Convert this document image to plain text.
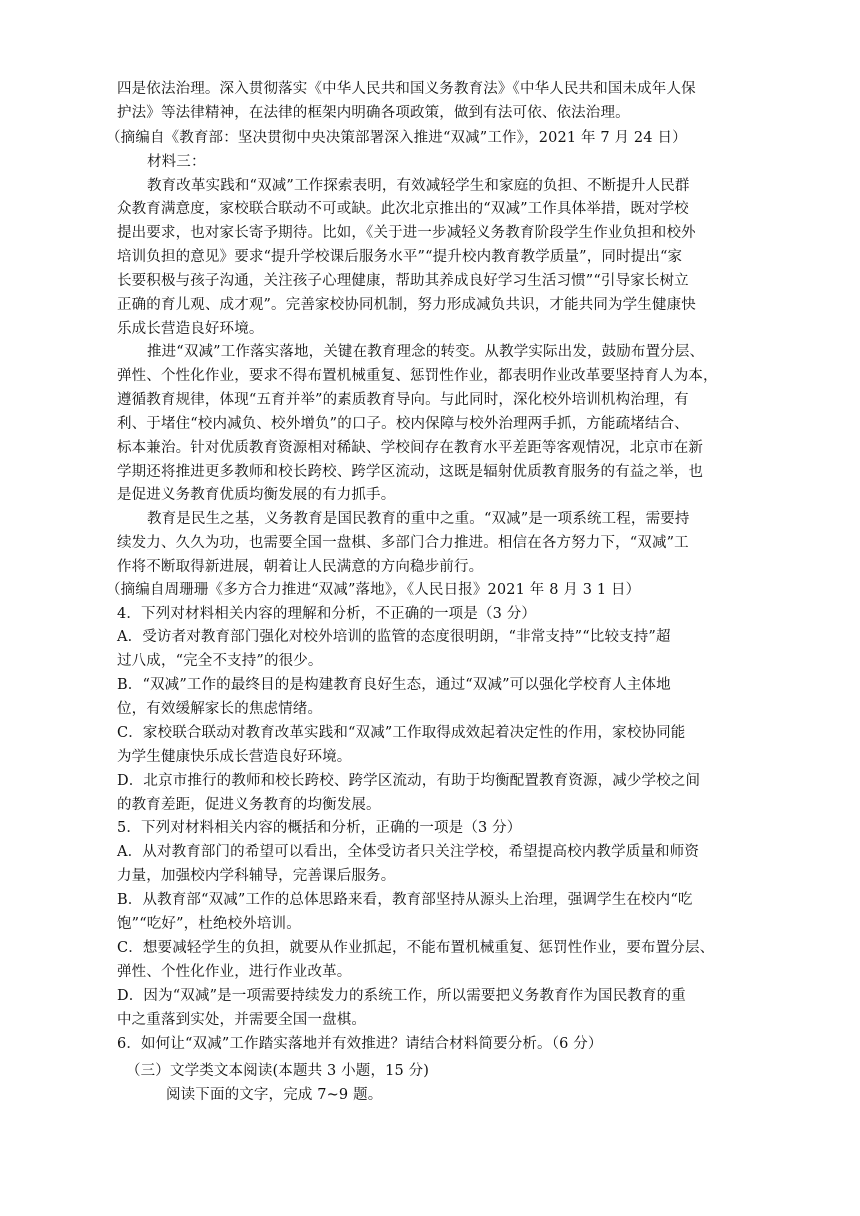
四是依法治理。深入贯彻落实《中华人民共和国义务教育法》《中华人民共和国未成年人保
护法》等法律精神，在法律的框架内明确各项政策，做到有法可依、依法治理。
（摘编自《教育部：坚决贯彻中央决策部署深入推进“双减”工作》，2021 年 7 月 24 日）
材料三：
教育改革实践和“双减”工作探索表明，有效减轻学生和家庭的负担、不断提升人民群
众教育满意度，家校联合联动不可或缺。此次北京推出的“双减”工作具体举措，既对学校
提出要求，也对家长寄予期待。比如，《关于进一步减轻义务教育阶段学生作业负担和校外
培训负担的意见》要求“提升学校课后服务水平”“提升校内教育教学质量”，同时提出“家
长要积极与孩子沟通，关注孩子心理健康，帮助其养成良好学习生活习惯”“引导家长树立
正确的育儿观、成才观”。完善家校协同机制，努力形成减负共识，才能共同为学生健康快
乐成长营造良好环境。
推进“双减”工作落实落地，关键在教育理念的转变。从教学实际出发，鼓励布置分层、
弹性、个性化作业，要求不得布置机械重复、惩罚性作业，都表明作业改革要坚持育人为本，
遵循教育规律，体现“五育并举”的素质教育导向。与此同时，深化校外培训机构治理，有
利、于堵住“校内减负、校外增负”的口子。校内保障与校外治理两手抓，方能疏堵结合、
标本兼治。针对优质教育资源相对稀缺、学校间存在教育水平差距等客观情况，北京市在新
学期还将推进更多教师和校长跨校、跨学区流动，这既是辐射优质教育服务的有益之举，也
是促进义务教育优质均衡发展的有力抓手。
教育是民生之基，义务教育是国民教育的重中之重。“双减”是一项系统工程，需要持
续发力、久久为功，也需要全国一盘棋、多部门合力推进。相信在各方努力下，“双减”工
作将不断取得新进展，朝着让人民满意的方向稳步前行。
（摘编自周珊珊《多方合力推进“双减”落地》，《人民日报》2021 年 8 月 3 1 日）
4．下列对材料相关内容的理解和分析，不正确的一项是（3 分）
A．受访者对教育部门强化对校外培训的监管的态度很明朗，“非常支持”“比较支持”超
过八成，“完全不支持”的很少。
B．“双减”工作的最终目的是构建教育良好生态，通过“双减”可以强化学校育人主体地
位，有效缓解家长的焦虑情绪。
C．家校联合联动对教育改革实践和“双减”工作取得成效起着决定性的作用，家校协同能
为学生健康快乐成长营造良好环境。
D．北京市推行的教师和校长跨校、跨学区流动，有助于均衡配置教育资源，减少学校之间
的教育差距，促进义务教育的均衡发展。
5．下列对材料相关内容的概括和分析，正确的一项是（3 分）
A．从对教育部门的希望可以看出，全体受访者只关注学校，希望提高校内教学质量和师资
力量，加强校内学科辅导，完善课后服务。
B．从教育部“双减”工作的总体思路来看，教育部坚持从源头上治理，强调学生在校内“吃
饱”“吃好”，杜绝校外培训。
C．想要减轻学生的负担，就要从作业抓起，不能布置机械重复、惩罚性作业，要布置分层、
弹性、个性化作业，进行作业改革。
D．因为“双减”是一项需要持续发力的系统工作，所以需要把义务教育作为国民教育的重
中之重落到实处，并需要全国一盘棋。
6．如何让“双减”工作踏实落地并有效推进？请结合材料简要分析。（6 分）
（三）文学类文本阅读(本题共 3 小题，15 分)
阅读下面的文字，完成 7~9 题。
